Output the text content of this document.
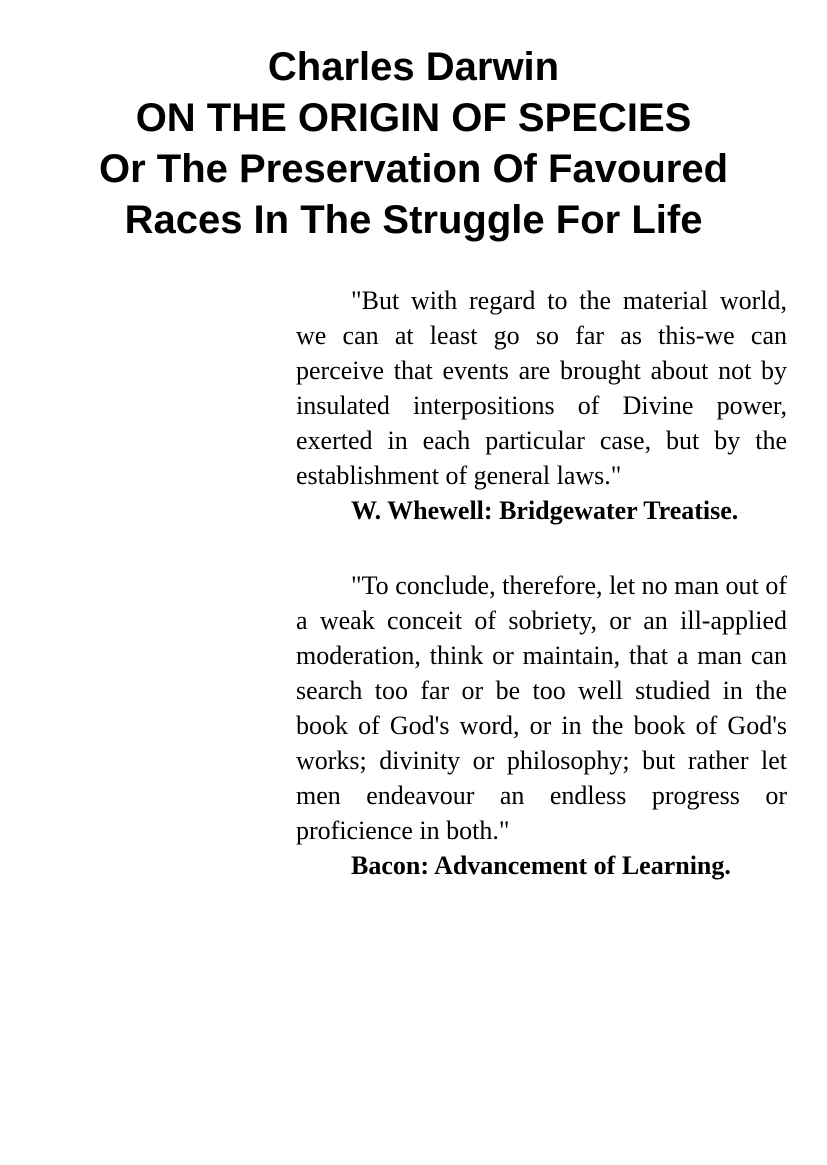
Charles Darwin
ON THE ORIGIN OF SPECIES
Or The Preservation Of Favoured
Races In The Struggle For Life

"But with regard to the material world, we can at least go so far as this-we can perceive that events are brought about not by insulated interpositions of Divine power, exerted in each particular case, but by the establishment of general laws."

W. Whewell: Bridgewater Treatise.

"To conclude, therefore, let no man out of a weak conceit of sobriety, or an ill-applied moderation, think or maintain, that a man can search too far or be too well studied in the book of God's word, or in the book of God's works; divinity or philosophy; but rather let men endeavour an endless progress or proficience in both."

Bacon: Advancement of Learning.
